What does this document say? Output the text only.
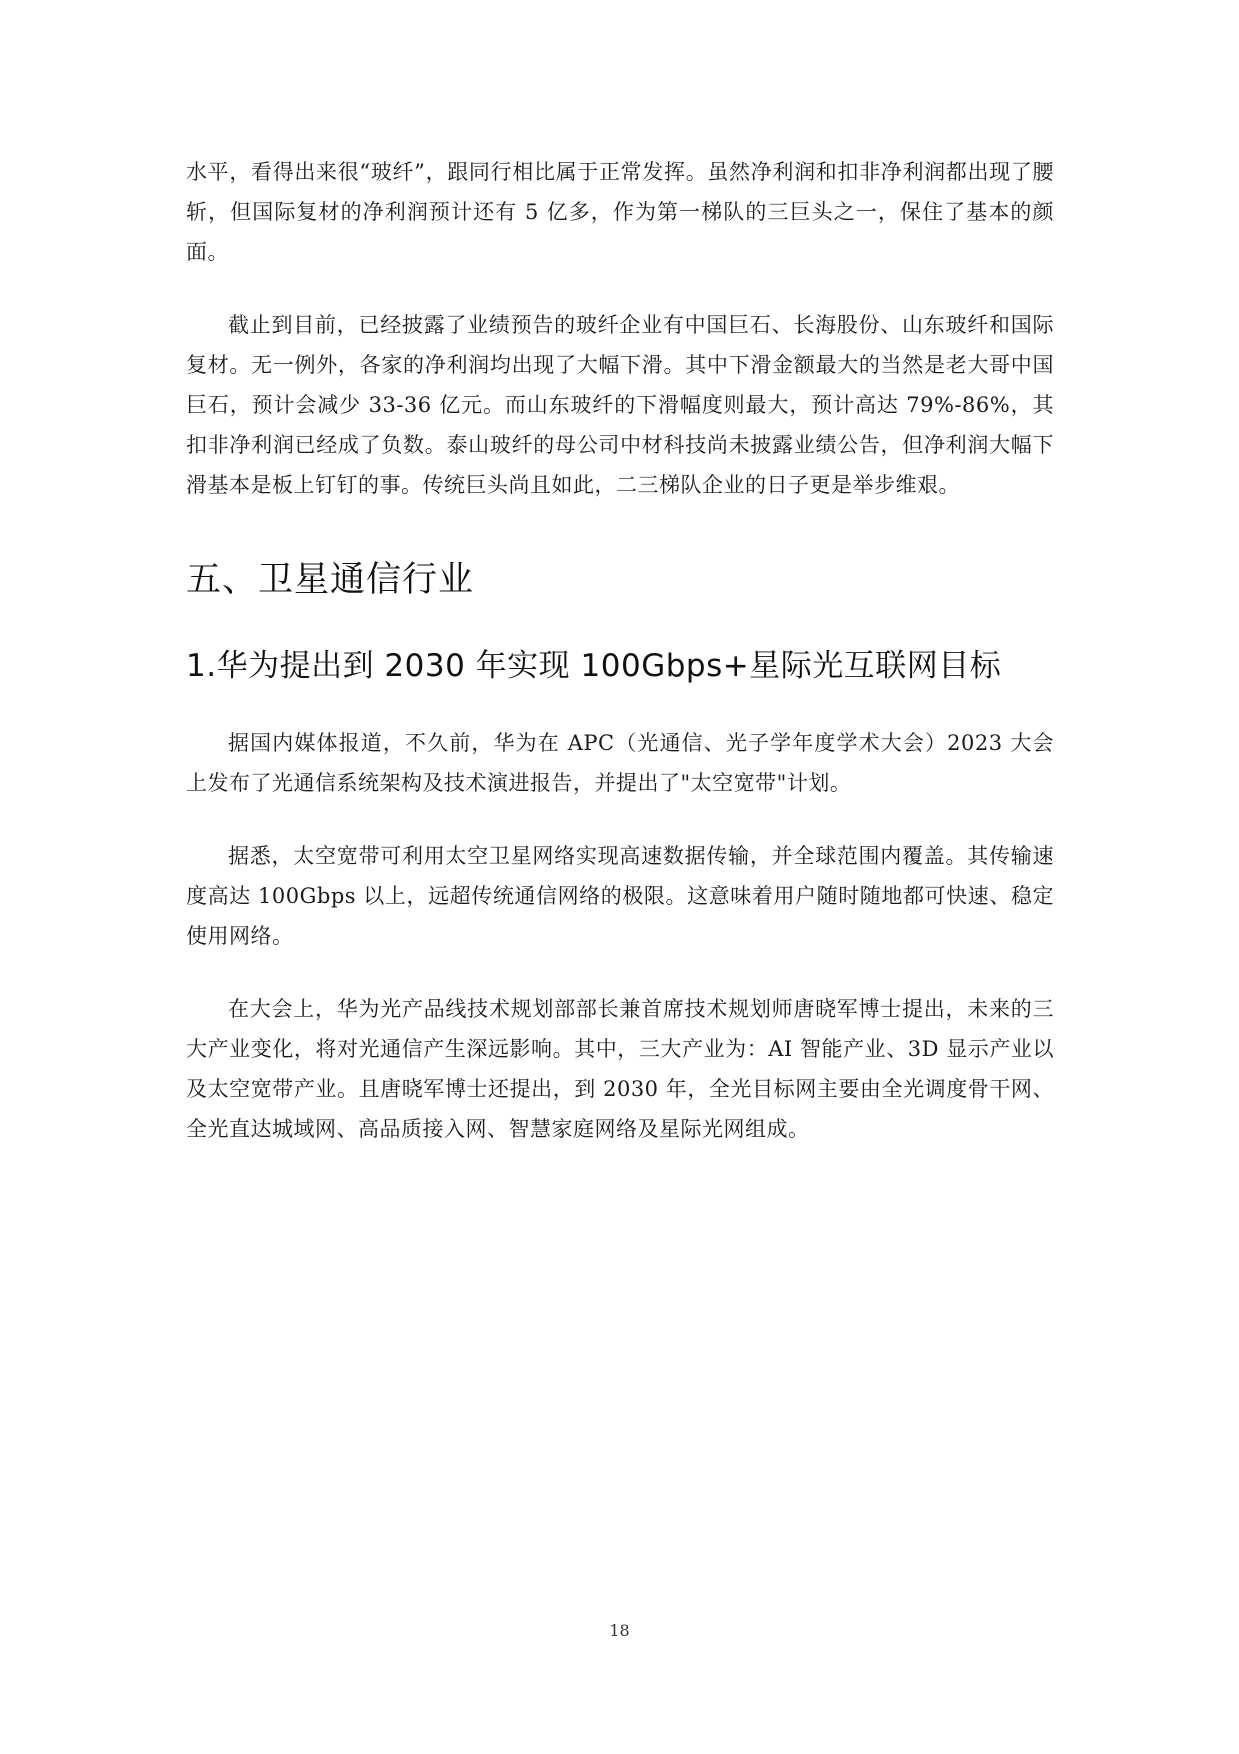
水平，看得出来很“玻纤”，跟同行相比属于正常发挥。虽然净利润和扣非净利润都出现了腰斩，但国际复材的净利润预计还有 5 亿多，作为第一梯队的三巨头之一，保住了基本的颜面。

截止到目前，已经披露了业绩预告的玻纤企业有中国巨石、长海股份、山东玻纤和国际复材。无一例外，各家的净利润均出现了大幅下滑。其中下滑金额最大的当然是老大哥中国巨石，预计会减少 33-36 亿元。而山东玻纤的下滑幅度则最大，预计高达 79%-86%，其扣非净利润已经成了负数。泰山玻纤的母公司中材科技尚未披露业绩公告，但净利润大幅下滑基本是板上钉钉的事。传统巨头尚且如此，二三梯队企业的日子更是举步维艰。

五、卫星通信行业
1.华为提出到 2030 年实现 100Gbps+星际光互联网目标

据国内媒体报道，不久前，华为在 APC（光通信、光子学年度学术大会）2023 大会上发布了光通信系统架构及技术演进报告，并提出了"太空宽带"计划。

据悉，太空宽带可利用太空卫星网络实现高速数据传输，并全球范围内覆盖。其传输速度高达 100Gbps 以上，远超传统通信网络的极限。这意味着用户随时随地都可快速、稳定使用网络。

在大会上，华为光产品线技术规划部部长兼首席技术规划师唐晓军博士提出，未来的三大产业变化，将对光通信产生深远影响。其中，三大产业为：AI 智能产业、3D 显示产业以及太空宽带产业。且唐晓军博士还提出，到 2030 年，全光目标网主要由全光调度骨干网、全光直达城域网、高品质接入网、智慧家庭网络及星际光网组成。

18
